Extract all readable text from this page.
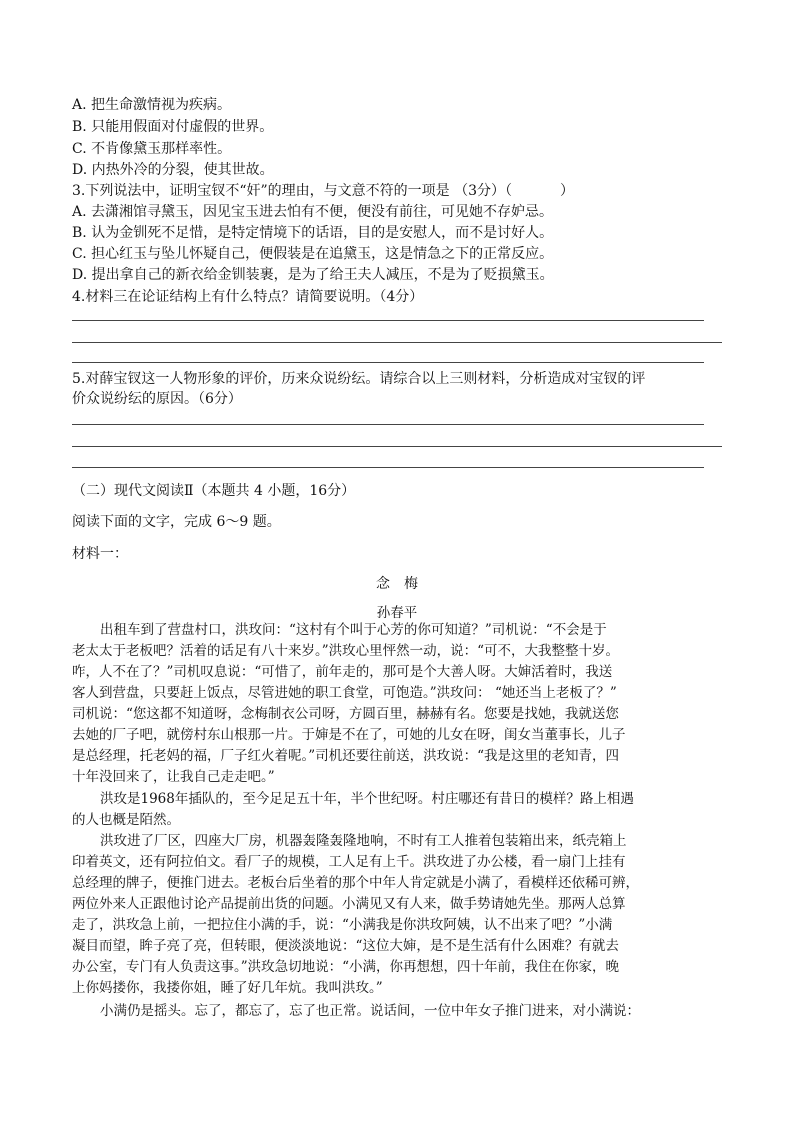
A. 把生命激情视为疾病。
B. 只能用假面对付虚假的世界。
C. 不肯像黛玉那样率性。
D. 内热外冷的分裂，使其世故。
3.下列说法中，证明宝钗不“奸”的理由，与文意不符的一项是 （3分）（	）
A. 去潇湘馆寻黛玉，因见宝玉进去怕有不便，便没有前往，可见她不存妒忌。
B. 认为金钏死不足惜，是特定情境下的话语，目的是安慰人，而不是讨好人。
C. 担心红玉与坠儿怀疑自己，便假装是在追黛玉，这是情急之下的正常反应。
D. 提出拿自己的新衣给金钏装裹，是为了给王夫人减压，不是为了贬损黛玉。
4.材料三在论证结构上有什么特点？请简要说明。（4分）
5.对薛宝钗这一人物形象的评价，历来众说纷纭。请综合以上三则材料，分析造成对宝钗的评
价众说纷纭的原因。（6分）
（二）现代文阅读Ⅱ（本题共 4 小题，16分）
阅读下面的文字，完成 6～9 题。
材料一：
念　梅
孙春平
出租车到了营盘村口，洪玫问：“这村有个叫于心芳的你可知道？”司机说：“不会是于
老太太于老板吧？活着的话足有八十来岁。”洪玫心里怦然一动，说：“可不，大我整整十岁。
咋，人不在了？”司机叹息说：“可惜了，前年走的，那可是个大善人呀。大婶活着时，我送
客人到营盘，只要赶上饭点，尽管进她的职工食堂，可饱造。”洪玫问： “她还当上老板了？”
司机说：“您这都不知道呀，念梅制衣公司呀，方圆百里，赫赫有名。您要是找她，我就送您
去她的厂子吧，就傍村东山根那一片。于婶是不在了，可她的儿女在呀，闺女当董事长，儿子
是总经理，托老妈的福，厂子红火着呢。”司机还要往前送，洪玫说：“我是这里的老知青，四
十年没回来了，让我自己走走吧。”
洪玫是1968年插队的，至今足足五十年，半个世纪呀。村庄哪还有昔日的模样？路上相遇
的人也概是陌然。
洪玫进了厂区，四座大厂房，机器轰隆轰隆地响，不时有工人推着包装箱出来，纸壳箱上
印着英文，还有阿拉伯文。看厂子的规模，工人足有上千。洪玫进了办公楼，看一扇门上挂有
总经理的牌子，便推门进去。老板台后坐着的那个中年人肯定就是小满了，看模样还依稀可辨，
两位外来人正跟他讨论产品提前出货的问题。小满见又有人来，做手势请她先坐。那两人总算
走了，洪玫急上前，一把拉住小满的手，说：“小满我是你洪玫阿姨，认不出来了吧？”小满
凝目而望，眸子亮了亮，但转眼，便淡淡地说：“这位大婶，是不是生活有什么困难？有就去
办公室，专门有人负责这事。”洪玫急切地说：“小满，你再想想，四十年前，我住在你家，晚
上你妈搂你，我搂你姐，睡了好几年炕。我叫洪玫。”
小满仍是摇头。忘了，都忘了，忘了也正常。说话间，一位中年女子推门进来，对小满说：
